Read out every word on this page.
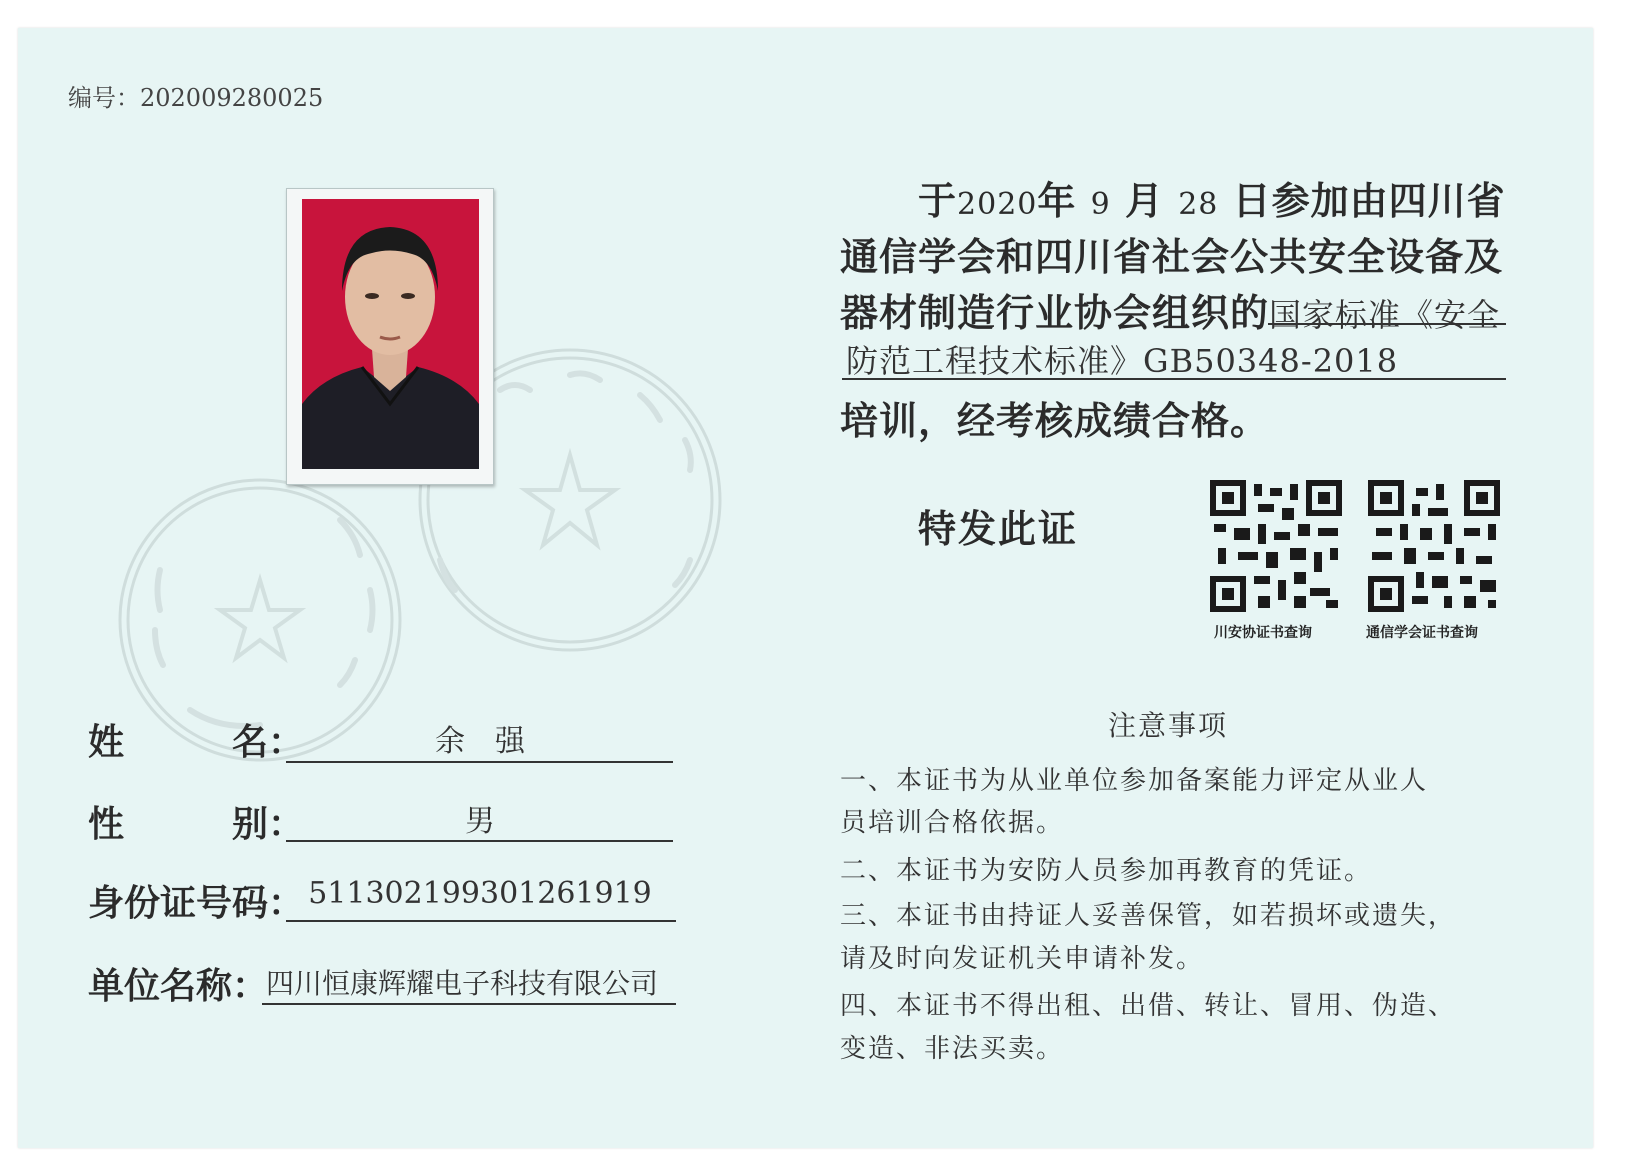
编号：202009280025
姓	名：	余　强
性	别：	男
身份证号码： 511302199301261919
单位名称：
四川恒康辉耀电子科技有限公司
于2020年 9 月 28 日参加由四川省
通信学会和四川省社会公共安全设备及
器材制造行业协会组织的国家标准《安全
防范工程技术标准》GB50348-2018
培训，经考核成绩合格。
特发此证
川安协证书查询	通信学会证书查询
注意事项
一、本证书为从业单位参加备案能力评定从业人
员培训合格依据。
二、本证书为安防人员参加再教育的凭证。
三、本证书由持证人妥善保管，如若损坏或遗失，
请及时向发证机关申请补发。
四、本证书不得出租、出借、转让、冒用、伪造、
变造、非法买卖。
